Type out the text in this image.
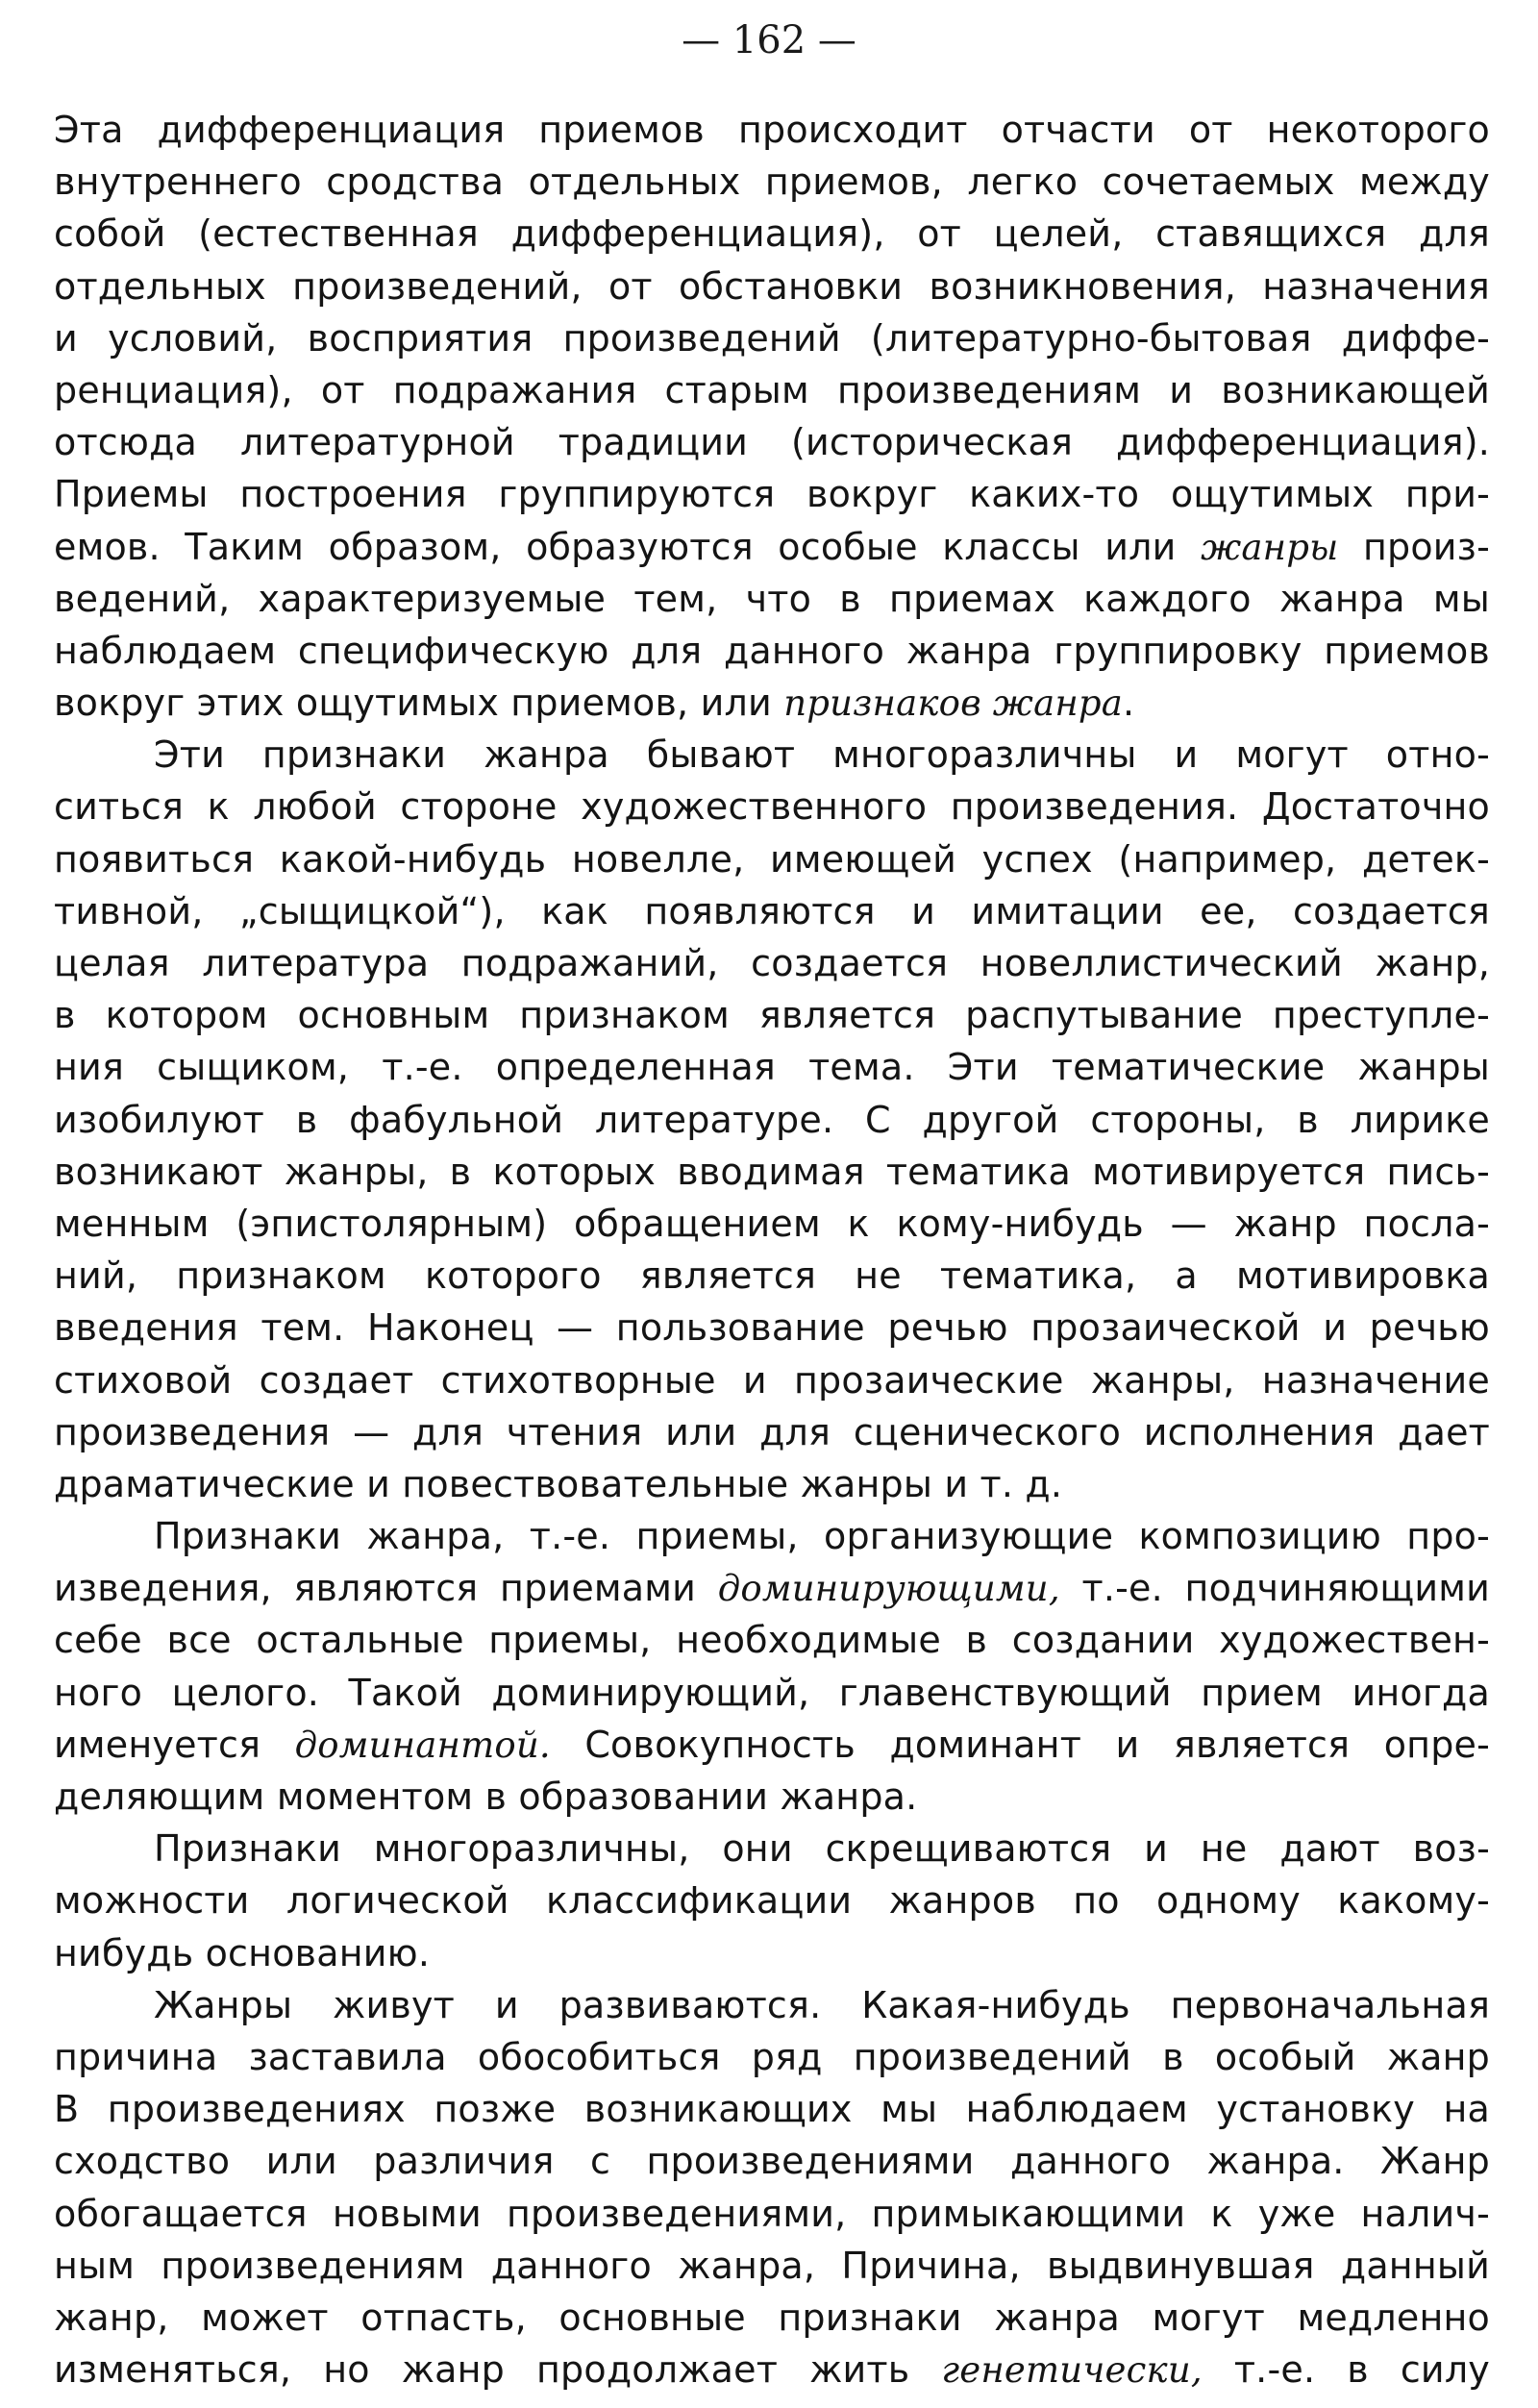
— 162 —
Эта дифференциация приемов происходит отчасти от некоторого
внутреннего сродства отдельных приемов, легко сочетаемых между
собой (естественная дифференциация), от целей, ставящихся для
отдельных произведений, от обстановки возникновения, назначения
и условий, восприятия произведений (литературно-бытовая диффе-
ренциация), от подражания старым произведениям и возникающей
отсюда литературной традиции (историческая дифференциация).
Приемы построения группируются вокруг каких-то ощутимых при-
емов. Таким образом, образуются особые классы или жанры произ-
ведений, характеризуемые тем, что в приемах каждого жанра мы
наблюдаем специфическую для данного жанра группировку приемов
вокруг этих ощутимых приемов, или признаков жанра.
Эти признаки жанра бывают многоразличны и могут отно-
ситься к любой стороне художественного произведения. Достаточно
появиться какой-нибудь новелле, имеющей успех (например, детек-
тивной, „сыщицкой“), как появляются и имитации ее, создается
целая литература подражаний, создается новеллистический жанр,
в котором основным признаком является распутывание преступле-
ния сыщиком, т.-е. определенная тема. Эти тематические жанры
изобилуют в фабульной литературе. С другой стороны, в лирике
возникают жанры, в которых вводимая тематика мотивируется пись-
менным (эпистолярным) обращением к кому-нибудь — жанр посла-
ний, признаком которого является не тематика, а мотивировка
введения тем. Наконец — пользование речью прозаической и речью
стиховой создает стихотворные и прозаические жанры, назначение
произведения — для чтения или для сценического исполнения дает
драматические и повествовательные жанры и т. д.
Признаки жанра, т.-е. приемы, организующие композицию про-
изведения, являются приемами доминирующими, т.-е. подчиняющими
себе все остальные приемы, необходимые в создании художествен-
ного целого. Такой доминирующий, главенствующий прием иногда
именуется доминантой. Совокупность доминант и является опре-
деляющим моментом в образовании жанра.
Признаки многоразличны, они скрещиваются и не дают воз-
можности логической классификации жанров по одному какому-
нибудь основанию.
Жанры живут и развиваются. Какая-нибудь первоначальная
причина заставила обособиться ряд произведений в особый жанр
В произведениях позже возникающих мы наблюдаем установку на
сходство или различия с произведениями данного жанра. Жанр
обогащается новыми произведениями, примыкающими к уже налич-
ным произведениям данного жанра, Причина, выдвинувшая данный
жанр, может отпасть, основные признаки жанра могут медленно
изменяться, но жанр продолжает жить генетически, т.-е. в силу
